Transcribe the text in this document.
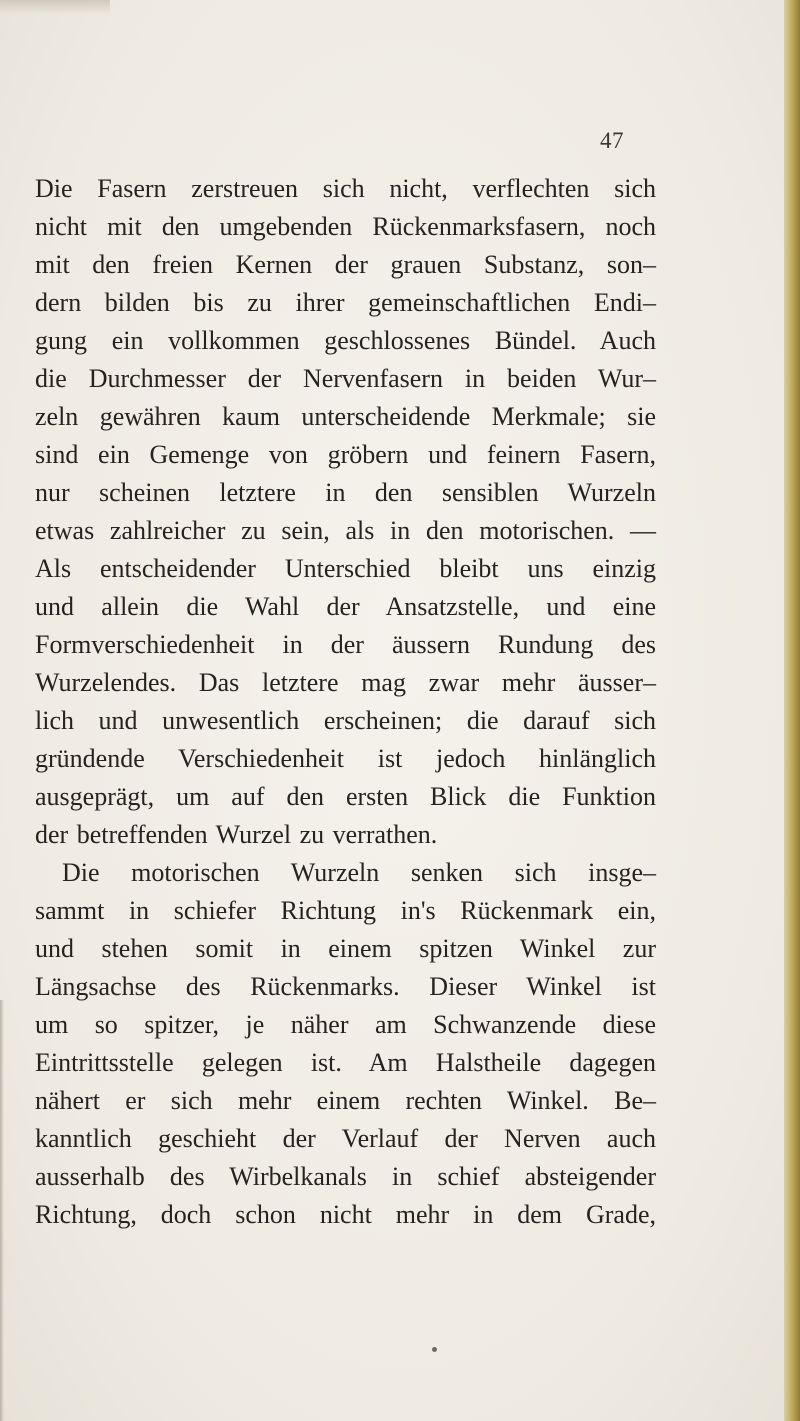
47
Die Fasern zerstreuen sich nicht, verflechten sich
nicht mit den umgebenden Rückenmarksfasern, noch
mit den freien Kernen der grauen Substanz, son–
dern bilden bis zu ihrer gemeinschaftlichen Endi–
gung ein vollkommen geschlossenes Bündel. Auch
die Durchmesser der Nervenfasern in beiden Wur–
zeln gewähren kaum unterscheidende Merkmale; sie
sind ein Gemenge von gröbern und feinern Fasern,
nur scheinen letztere in den sensiblen Wurzeln
etwas zahlreicher zu sein, als in den motorischen. —
Als entscheidender Unterschied bleibt uns einzig
und allein die Wahl der Ansatzstelle, und eine
Formverschiedenheit in der äussern Rundung des
Wurzelendes. Das letztere mag zwar mehr äusser–
lich und unwesentlich erscheinen; die darauf sich
gründende Verschiedenheit ist jedoch hinlänglich
ausgeprägt, um auf den ersten Blick die Funktion
der betreffenden Wurzel zu verrathen.
Die motorischen Wurzeln senken sich insge–
sammt in schiefer Richtung in's Rückenmark ein,
und stehen somit in einem spitzen Winkel zur
Längsachse des Rückenmarks. Dieser Winkel ist
um so spitzer, je näher am Schwanzende diese
Eintrittsstelle gelegen ist. Am Halstheile dagegen
nähert er sich mehr einem rechten Winkel. Be–
kanntlich geschieht der Verlauf der Nerven auch
ausserhalb des Wirbelkanals in schief absteigender
Richtung, doch schon nicht mehr in dem Grade,
